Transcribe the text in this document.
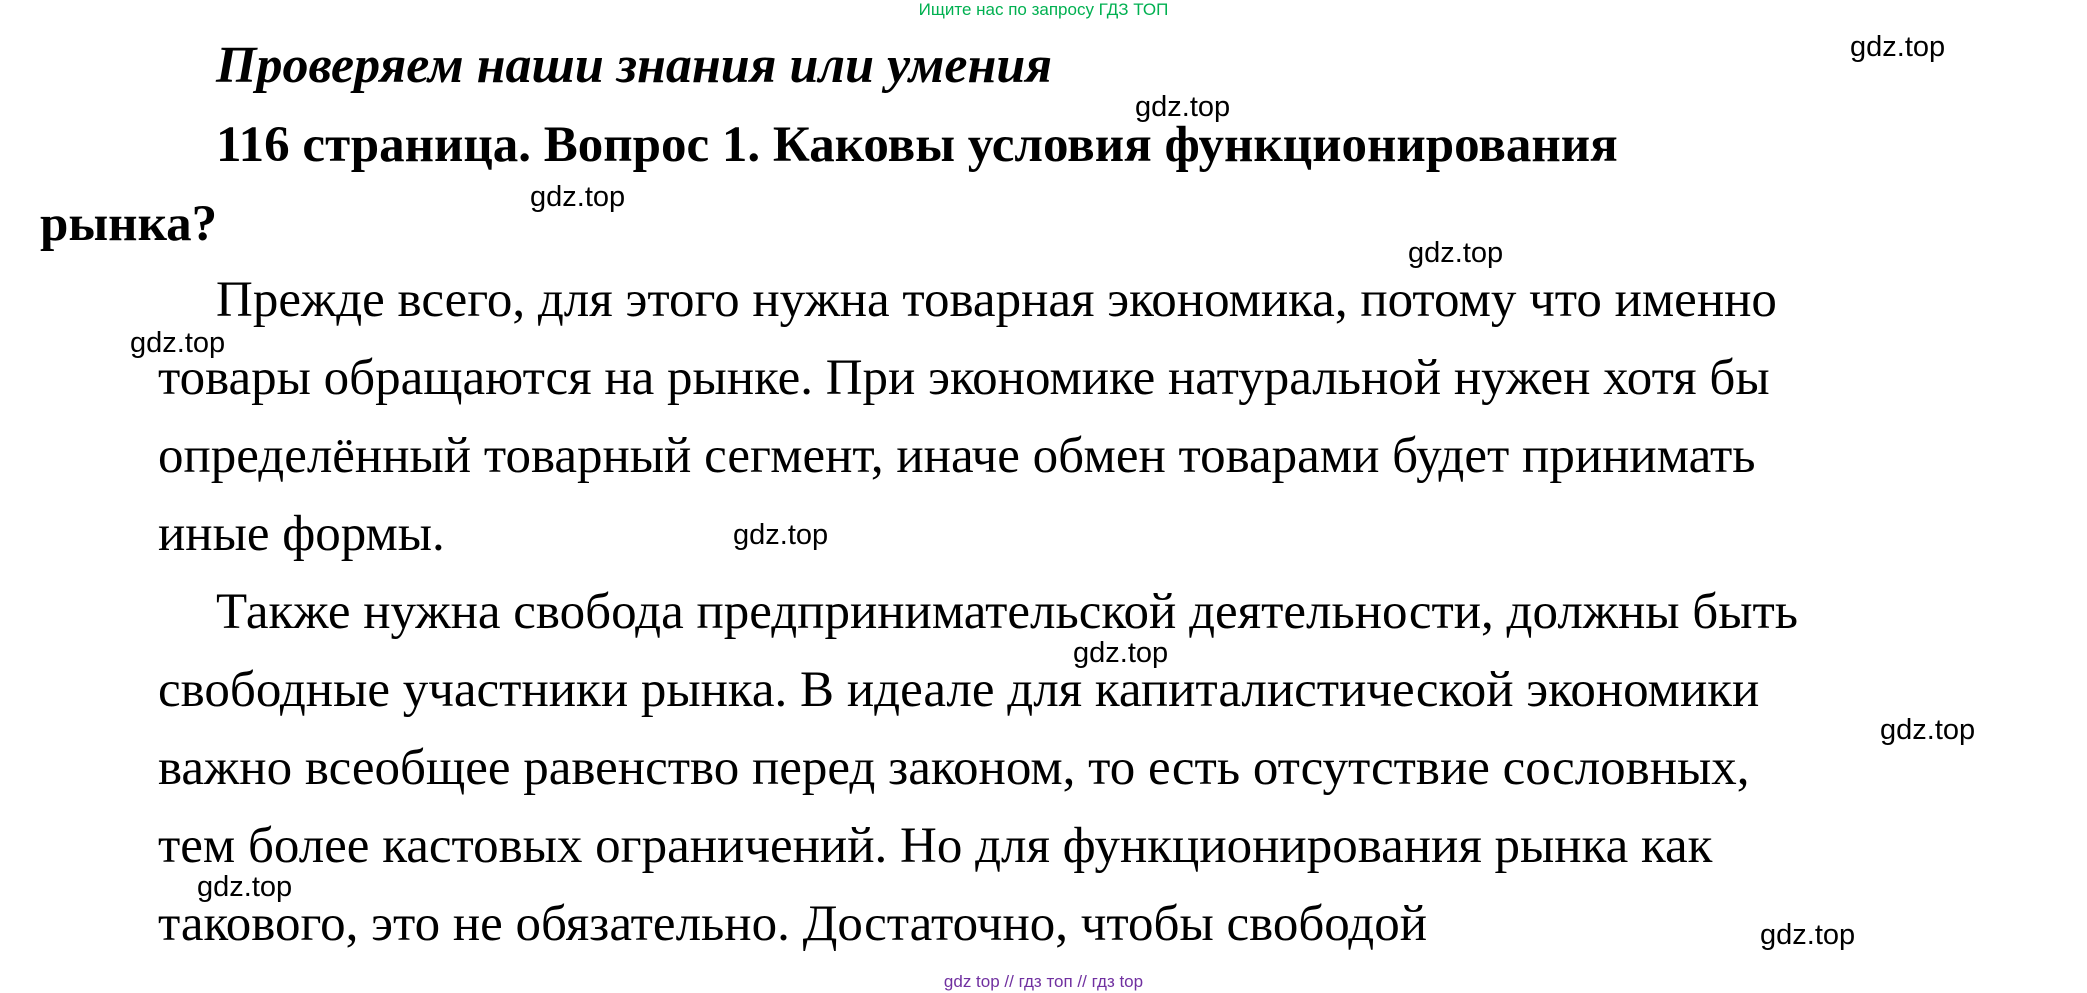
Ищите нас по запросу ГДЗ ТОП
Проверяем наши знания или умения
116 страница. Вопрос 1. Каковы условия функционирования
рынка?
Прежде всего, для этого нужна товарная экономика, потому что именно
товары обращаются на рынке. При экономике натуральной нужен хотя бы
определённый товарный сегмент, иначе обмен товарами будет принимать
иные формы.
Также нужна свобода предпринимательской деятельности, должны быть
свободные участники рынка. В идеале для капиталистической экономики
важно всеобщее равенство перед законом, то есть отсутствие сословных,
тем более кастовых ограничений. Но для функционирования рынка как
такового, это не обязательно. Достаточно, чтобы свободой
gdz.top
gdz.top
gdz.top
gdz.top
gdz.top
gdz.top
gdz.top
gdz.top
gdz.top
gdz.top
gdz top // гдз топ // гдз top
